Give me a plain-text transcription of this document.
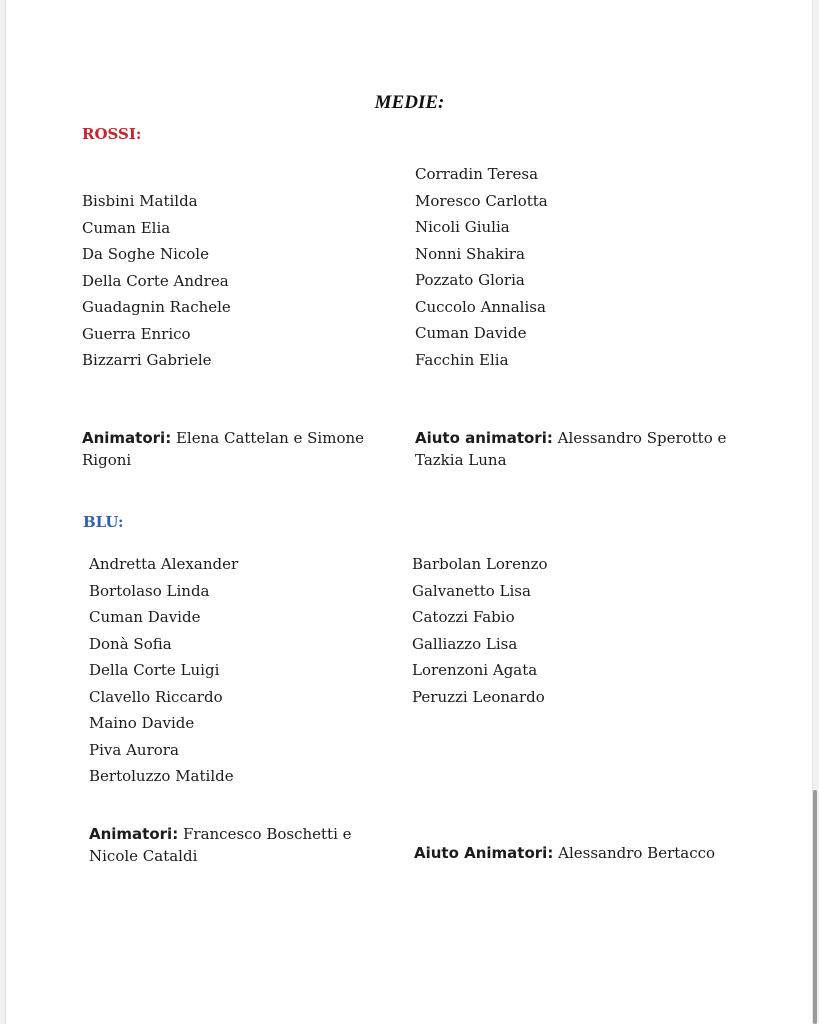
MEDIE:
ROSSI:
Bisbini Matilda
Cuman Elia
Da Soghe Nicole
Della Corte Andrea
Guadagnin Rachele
Guerra Enrico
Bizzarri Gabriele
Corradin Teresa
Moresco Carlotta
Nicoli Giulia
Nonni Shakira
Pozzato Gloria
Cuccolo Annalisa
Cuman Davide
Facchin Elia
Animatori: Elena Cattelan e Simone Rigoni
Aiuto animatori: Alessandro Sperotto e Tazkia Luna
BLU:
Andretta Alexander
Bortolaso Linda
Cuman Davide
Donà Sofia
Della Corte Luigi
Clavello Riccardo
Maino Davide
Piva Aurora
Bertoluzzo Matilde
Barbolan Lorenzo
Galvanetto Lisa
Catozzi Fabio
Galliazzo Lisa
Lorenzoni Agata
Peruzzi Leonardo
Animatori: Francesco Boschetti e Nicole Cataldi	Aiuto Animatori: Alessandro Bertacco
